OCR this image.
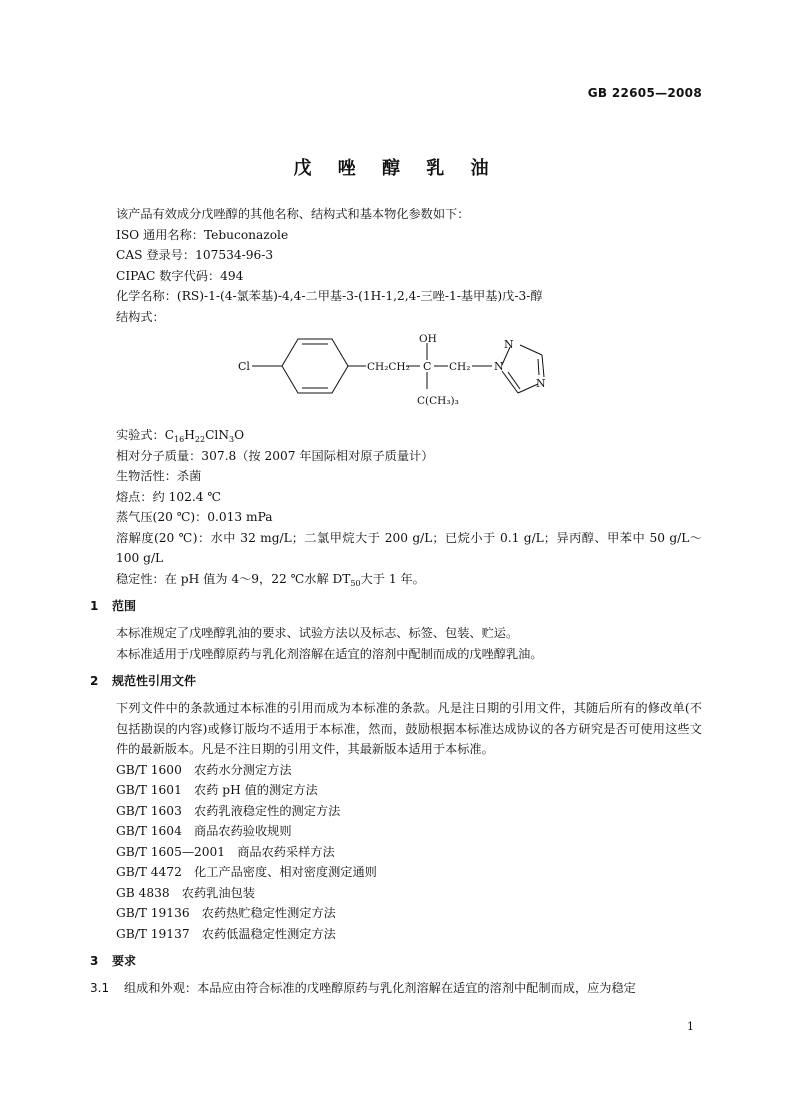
GB 22605—2008
戊 唑 醇 乳 油

该产品有效成分戊唑醇的其他名称、结构式和基本物化参数如下：

ISO 通用名称：Tebuconazole

CAS 登录号：107534-96-3

CIPAC 数字代码：494

化学名称：(RS)-1-(4-氯苯基)-4,4-二甲基-3-(1H-1,2,4-三唑-1-基甲基)戊-3-醇

结构式：

Cl	CH₂CH₂ C CH₂
OH
C(CH₃)₃
N
N
N

实验式：$C_{16}H_{22}ClN_3O$

相对分子质量：307.8（按 2007 年国际相对原子质量计）

生物活性：杀菌

熔点：约 102.4 ℃

蒸气压(20 ℃)：0.013 mPa

溶解度(20 ℃)：水中 32 mg/L；二氯甲烷大于 200 g/L；已烷小于 0.1 g/L；异丙醇、甲苯中 50 g/L～100 g/L

稳定性：在 pH 值为 4～9，22 ℃水解 $DT_{50}$大于 1 年。

1 范围

本标准规定了戊唑醇乳油的要求、试验方法以及标志、标签、包装、贮运。

本标准适用于戊唑醇原药与乳化剂溶解在适宜的溶剂中配制而成的戊唑醇乳油。

2 规范性引用文件

下列文件中的条款通过本标准的引用而成为本标准的条款。凡是注日期的引用文件，其随后所有的修改单(不包括勘误的内容)或修订版均不适用于本标准，然而，鼓励根据本标准达成协议的各方研究是否可使用这些文件的最新版本。凡是不注日期的引用文件，其最新版本适用于本标准。

GB/T 1600　 农药水分测定方法

GB/T 1601　 农药 pH 值的测定方法

GB/T 1603　 农药乳液稳定性的测定方法

GB/T 1604　 商品农药验收规则

GB/T 1605—2001　 商品农药采样方法

GB/T 4472　 化工产品密度、相对密度测定通则

GB 4838　 农药乳油包装

GB/T 19136　 农药热贮稳定性测定方法

GB/T 19137　 农药低温稳定性测定方法

3 要求

3.1 组成和外观：本品应由符合标准的戊唑醇原药与乳化剂溶解在适宜的溶剂中配制而成，应为稳定

1
